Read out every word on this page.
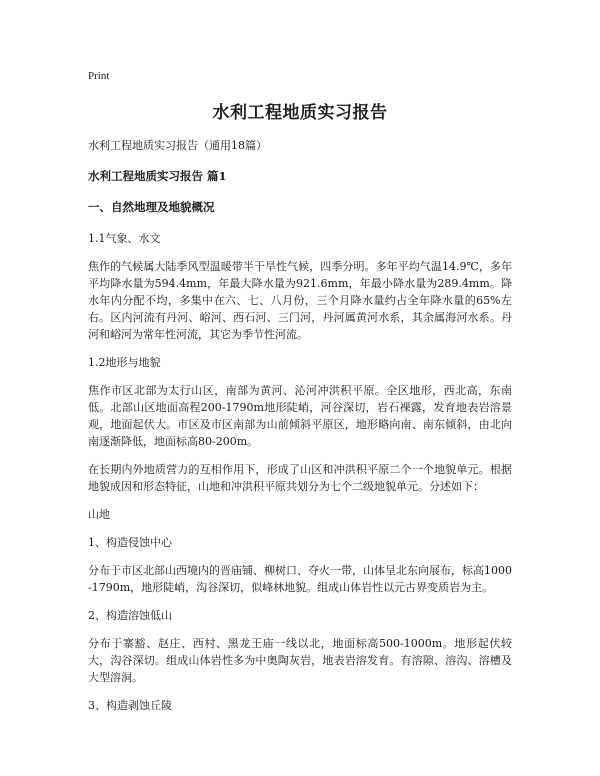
Print
水利工程地质实习报告
水利工程地质实习报告（通用18篇）
水利工程地质实习报告 篇1
一、自然地理及地貌概况
1.1气象、水文
焦作的气候属大陆季风型温暖带半干旱性气候，四季分明。多年平均气温14.9℃，多年平均降水量为594.4mm，年最大降水量为921.6mm，年最小降水量为289.4mm。降水年内分配不均，多集中在六、七、八月份，三个月降水量约占全年降水量的65%左右。区内河流有丹河、峪河、西石河、三门河，丹河属黄河水系，其余属海河水系。丹河和峪河为常年性河流，其它为季节性河流。
1.2地形与地貌
焦作市区北部为太行山区，南部为黄河、沁河冲洪积平原。全区地形，西北高，东南低。北部山区地面高程200-1790m地形陡峭，河谷深切，岩石裸露，发育地表岩溶景观，地面起伏大。市区及市区南部为山前倾斜平原区，地形略向南、南东倾斜，由北向南逐渐降低，地面标高80-200m。
在长期内外地质营力的互相作用下，形成了山区和冲洪积平原二个一个地貌单元。根据地貌成因和形态特征，山地和冲洪积平原共划分为七个二级地貌单元。分述如下：
山地
1、构造侵蚀中心
分布于市区北部山西境内的晋庙铺、柳树口、夺火一带，山体呈北东向展布，标高1000-1790m，地形陡峭，沟谷深切，似峰林地貌。组成山体岩性以元古界变质岩为主。
2、构造溶蚀低山
分布于寨豁、赵庄、西村、黑龙王庙一线以北，地面标高500-1000m。地形起伏较大，沟谷深切。组成山体岩性多为中奥陶灰岩，地表岩溶发育。有溶隙、溶沟、溶槽及大型溶洞。
3、构造剥蚀丘陵
